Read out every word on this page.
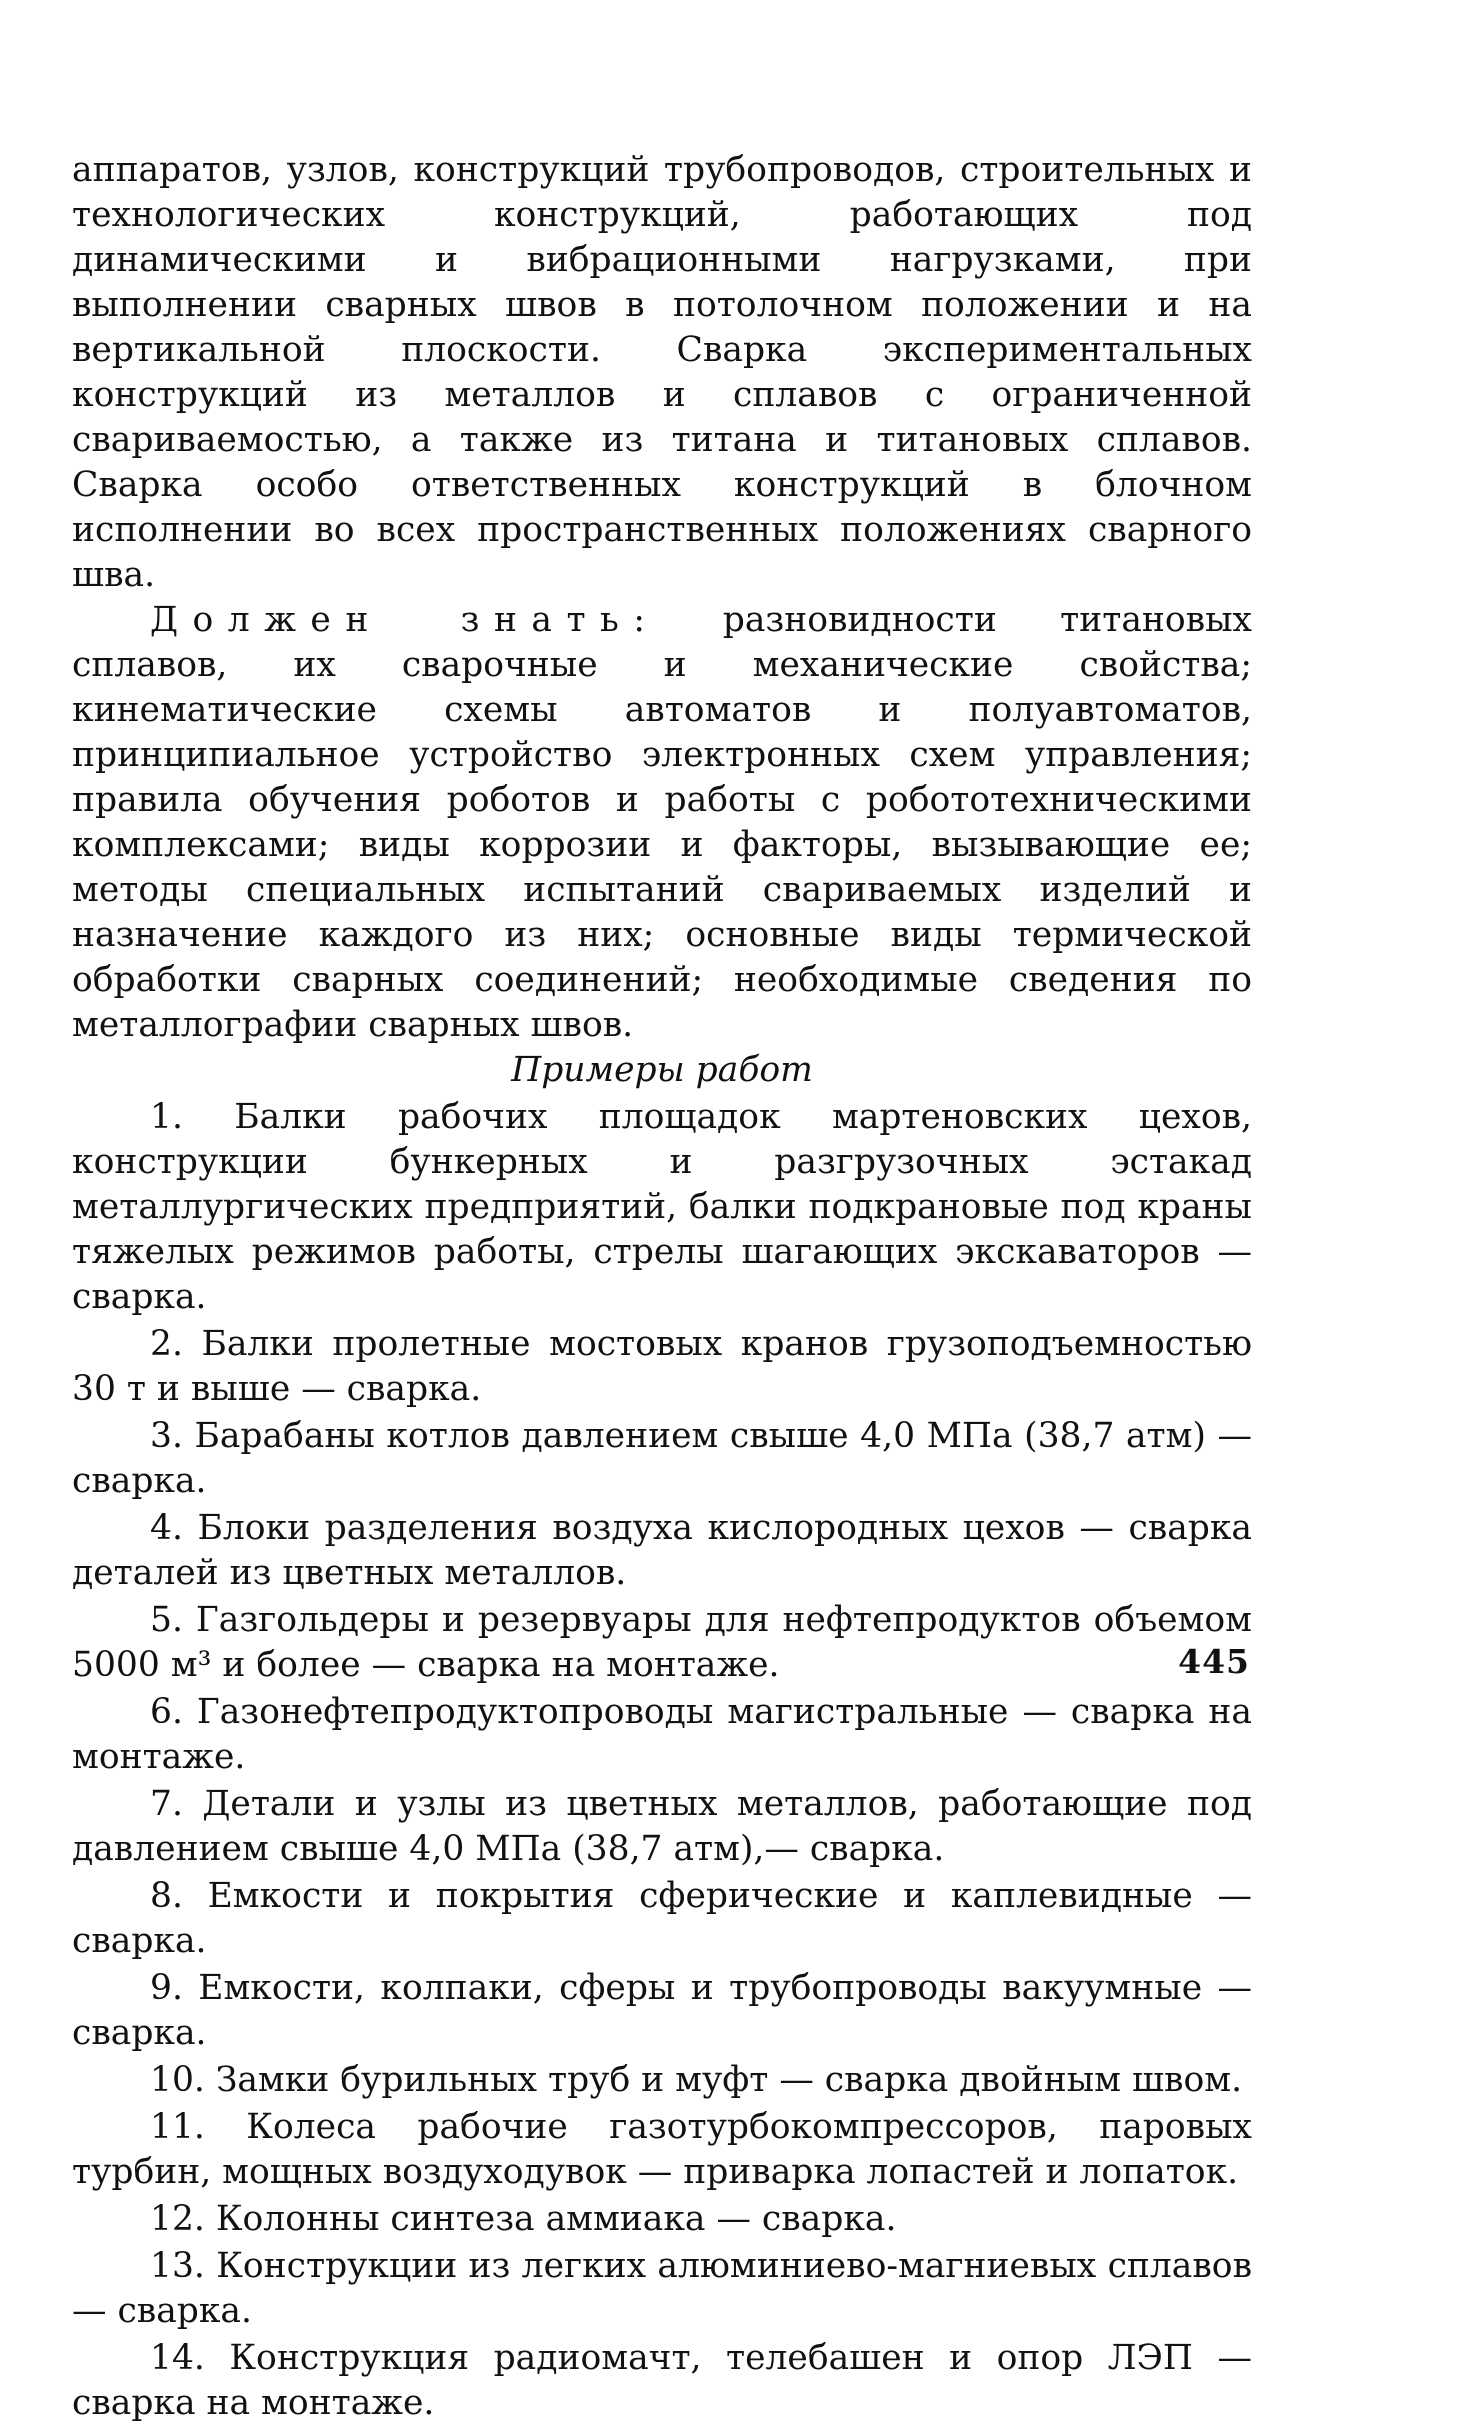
аппаратов, узлов, конструкций трубопроводов, строительных и технологических конструкций, работающих под динамическими и вибрационными нагрузками, при выполнении сварных швов в потолочном положении и на вертикальной плоскости. Сварка экспериментальных конструкций из металлов и сплавов с ограниченной свариваемостью, а также из титана и титановых сплавов. Сварка особо ответственных конструкций в блочном исполнении во всех пространственных положениях сварного шва.

Должен знать: разновидности титановых сплавов, их сварочные и механические свойства; кинематические схемы автоматов и полуавтоматов, принципиальное устройство электронных схем управления; правила обучения роботов и работы с робототехническими комплексами; виды коррозии и факторы, вызывающие ее; методы специальных испытаний свариваемых изделий и назначение каждого из них; основные виды термической обработки сварных соединений; необходимые сведения по металлографии сварных швов.

Примеры работ

1. Балки рабочих площадок мартеновских цехов, конструкции бункерных и разгрузочных эстакад металлургических предприятий, балки подкрановые под краны тяжелых режимов работы, стрелы шагающих экскаваторов — сварка.

2. Балки пролетные мостовых кранов грузоподъемностью 30 т и выше — сварка.

3. Барабаны котлов давлением свыше 4,0 МПа (38,7 атм) — сварка.

4. Блоки разделения воздуха кислородных цехов — сварка деталей из цветных металлов.

5. Газгольдеры и резервуары для нефтепродуктов объемом 5000 м³ и более — сварка на монтаже.

6. Газонефтепродуктопроводы магистральные — сварка на монтаже.

7. Детали и узлы из цветных металлов, работающие под давлением свыше 4,0 МПа (38,7 атм),— сварка.

8. Емкости и покрытия сферические и каплевидные — сварка.

9. Емкости, колпаки, сферы и трубопроводы вакуумные — сварка.

10. Замки бурильных труб и муфт — сварка двойным швом.

11. Колеса рабочие газотурбокомпрессоров, паровых турбин, мощных воздуходувок — приварка лопастей и лопаток.

12. Колонны синтеза аммиака — сварка.

13. Конструкции из легких алюминиево-магниевых сплавов — сварка.

14. Конструкция радиомачт, телебашен и опор ЛЭП — сварка на монтаже.

445
